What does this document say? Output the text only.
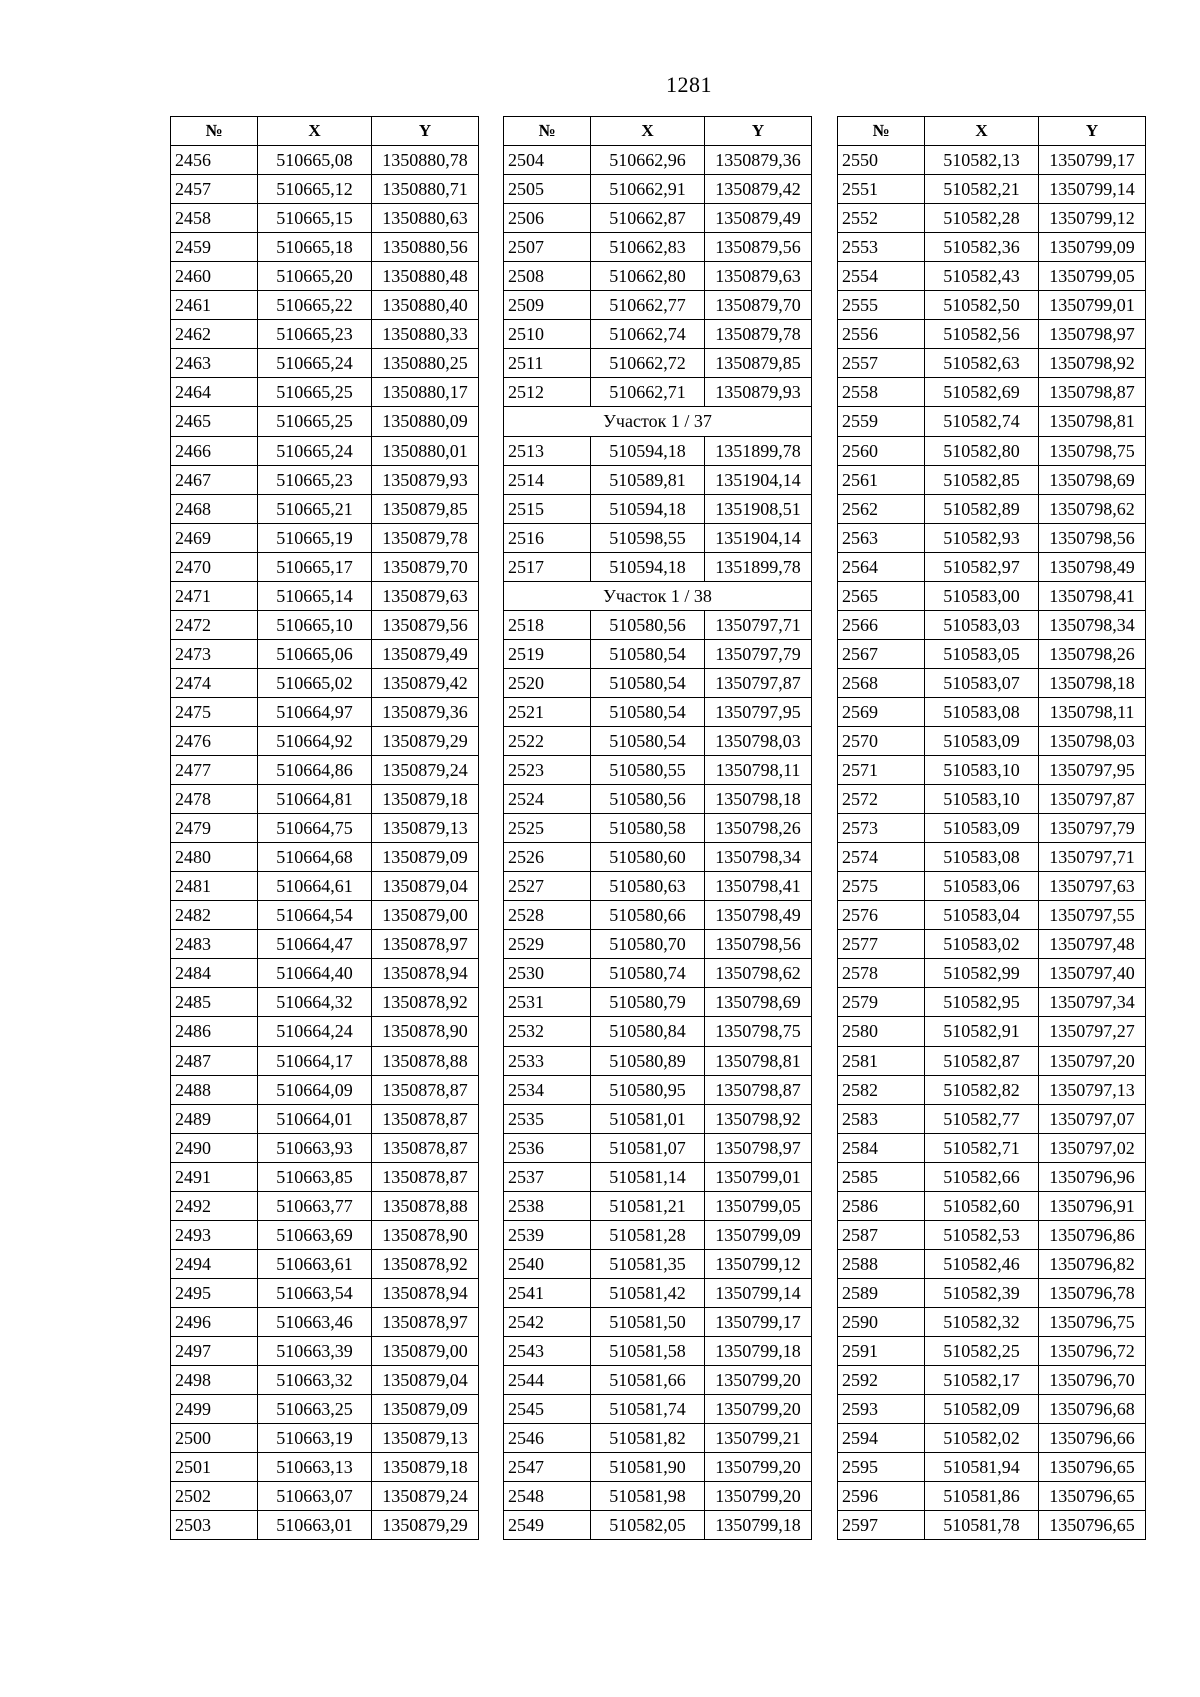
1281
№	X	Y
2456	510665,08	1350880,78
2457	510665,12	1350880,71
2458	510665,15	1350880,63
2459	510665,18	1350880,56
2460	510665,20	1350880,48
2461	510665,22	1350880,40
2462	510665,23	1350880,33
2463	510665,24	1350880,25
2464	510665,25	1350880,17
2465	510665,25	1350880,09
2466	510665,24	1350880,01
2467	510665,23	1350879,93
2468	510665,21	1350879,85
2469	510665,19	1350879,78
2470	510665,17	1350879,70
2471	510665,14	1350879,63
2472	510665,10	1350879,56
2473	510665,06	1350879,49
2474	510665,02	1350879,42
2475	510664,97	1350879,36
2476	510664,92	1350879,29
2477	510664,86	1350879,24
2478	510664,81	1350879,18
2479	510664,75	1350879,13
2480	510664,68	1350879,09
2481	510664,61	1350879,04
2482	510664,54	1350879,00
2483	510664,47	1350878,97
2484	510664,40	1350878,94
2485	510664,32	1350878,92
2486	510664,24	1350878,90
2487	510664,17	1350878,88
2488	510664,09	1350878,87
2489	510664,01	1350878,87
2490	510663,93	1350878,87
2491	510663,85	1350878,87
2492	510663,77	1350878,88
2493	510663,69	1350878,90
2494	510663,61	1350878,92
2495	510663,54	1350878,94
2496	510663,46	1350878,97
2497	510663,39	1350879,00
2498	510663,32	1350879,04
2499	510663,25	1350879,09
2500	510663,19	1350879,13
2501	510663,13	1350879,18
2502	510663,07	1350879,24
2503	510663,01	1350879,29
№	X	Y
2504	510662,96	1350879,36
2505	510662,91	1350879,42
2506	510662,87	1350879,49
2507	510662,83	1350879,56
2508	510662,80	1350879,63
2509	510662,77	1350879,70
2510	510662,74	1350879,78
2511	510662,72	1350879,85
2512	510662,71	1350879,93
Участок 1 / 37		
2513	510594,18	1351899,78
2514	510589,81	1351904,14
2515	510594,18	1351908,51
2516	510598,55	1351904,14
2517	510594,18	1351899,78
Участок 1 / 38		
2518	510580,56	1350797,71
2519	510580,54	1350797,79
2520	510580,54	1350797,87
2521	510580,54	1350797,95
2522	510580,54	1350798,03
2523	510580,55	1350798,11
2524	510580,56	1350798,18
2525	510580,58	1350798,26
2526	510580,60	1350798,34
2527	510580,63	1350798,41
2528	510580,66	1350798,49
2529	510580,70	1350798,56
2530	510580,74	1350798,62
2531	510580,79	1350798,69
2532	510580,84	1350798,75
2533	510580,89	1350798,81
2534	510580,95	1350798,87
2535	510581,01	1350798,92
2536	510581,07	1350798,97
2537	510581,14	1350799,01
2538	510581,21	1350799,05
2539	510581,28	1350799,09
2540	510581,35	1350799,12
2541	510581,42	1350799,14
2542	510581,50	1350799,17
2543	510581,58	1350799,18
2544	510581,66	1350799,20
2545	510581,74	1350799,20
2546	510581,82	1350799,21
2547	510581,90	1350799,20
2548	510581,98	1350799,20
2549	510582,05	1350799,18
№	X	Y
2550	510582,13	1350799,17
2551	510582,21	1350799,14
2552	510582,28	1350799,12
2553	510582,36	1350799,09
2554	510582,43	1350799,05
2555	510582,50	1350799,01
2556	510582,56	1350798,97
2557	510582,63	1350798,92
2558	510582,69	1350798,87
2559	510582,74	1350798,81
2560	510582,80	1350798,75
2561	510582,85	1350798,69
2562	510582,89	1350798,62
2563	510582,93	1350798,56
2564	510582,97	1350798,49
2565	510583,00	1350798,41
2566	510583,03	1350798,34
2567	510583,05	1350798,26
2568	510583,07	1350798,18
2569	510583,08	1350798,11
2570	510583,09	1350798,03
2571	510583,10	1350797,95
2572	510583,10	1350797,87
2573	510583,09	1350797,79
2574	510583,08	1350797,71
2575	510583,06	1350797,63
2576	510583,04	1350797,55
2577	510583,02	1350797,48
2578	510582,99	1350797,40
2579	510582,95	1350797,34
2580	510582,91	1350797,27
2581	510582,87	1350797,20
2582	510582,82	1350797,13
2583	510582,77	1350797,07
2584	510582,71	1350797,02
2585	510582,66	1350796,96
2586	510582,60	1350796,91
2587	510582,53	1350796,86
2588	510582,46	1350796,82
2589	510582,39	1350796,78
2590	510582,32	1350796,75
2591	510582,25	1350796,72
2592	510582,17	1350796,70
2593	510582,09	1350796,68
2594	510582,02	1350796,66
2595	510581,94	1350796,65
2596	510581,86	1350796,65
2597	510581,78	1350796,65
